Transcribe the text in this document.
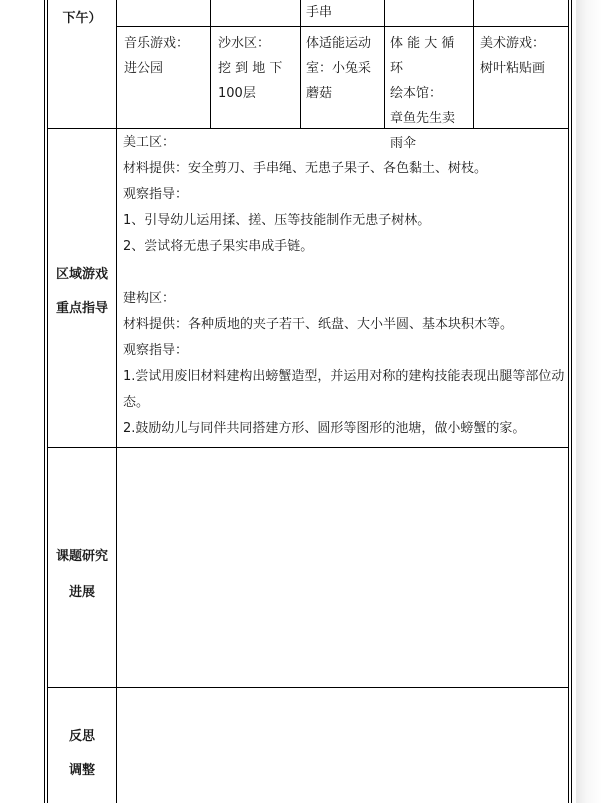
下午）	手串

音乐游戏：

进公园

沙水区：

挖 到 地 下

100层

体适能运动

室：小兔采

蘑菇

体 能 大 循 环

绘本馆：

章鱼先生卖

雨伞

美术游戏：

树叶粘贴画

区域游戏
重点指导

美工区：

材料提供：安全剪刀、手串绳、无患子果子、各色黏土、树枝。

观察指导：

1、引导幼儿运用揉、搓、压等技能制作无患子树林。

2、尝试将无患子果实串成手链。

建构区：

材料提供：各种质地的夹子若干、纸盘、大小半圆、基本块积木等。

观察指导：

1.尝试用废旧材料建构出螃蟹造型，并运用对称的建构技能表现出腿等部位动态。

2.鼓励幼儿与同伴共同搭建方形、圆形等图形的池塘，做小螃蟹的家。

课题研究
进展
反思
调整
